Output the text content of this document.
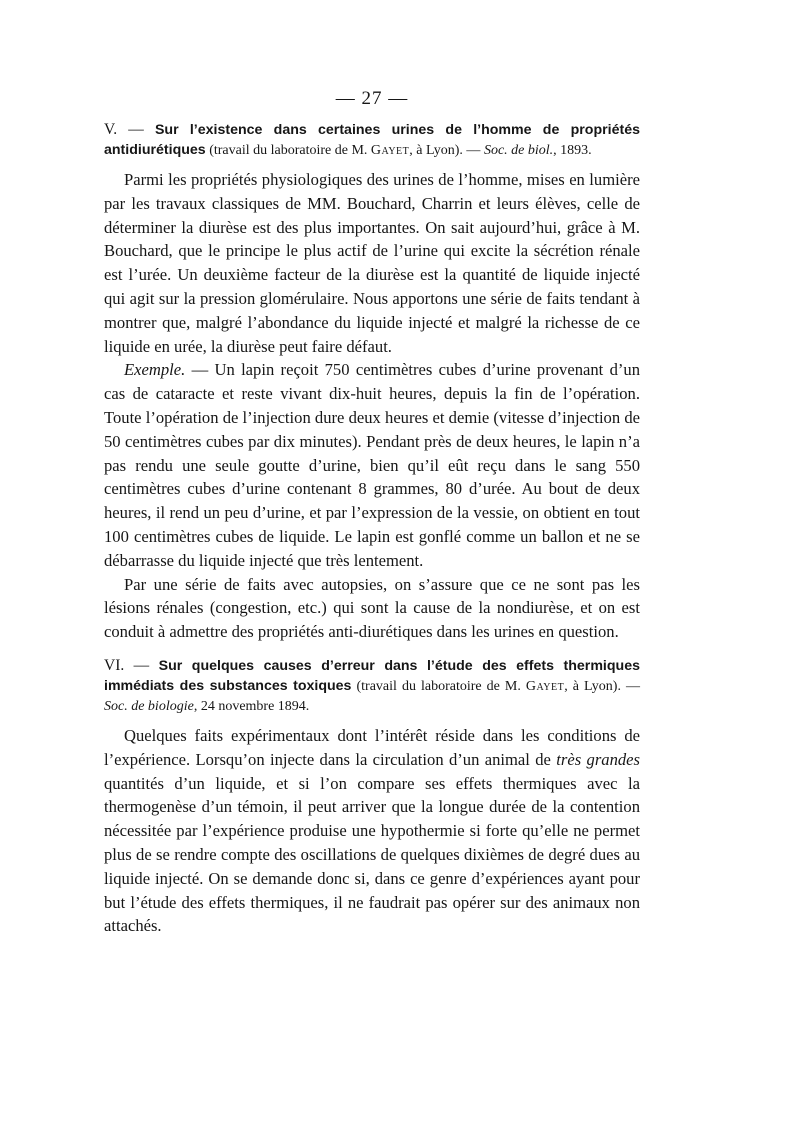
— 27 —
V. — Sur l’existence dans certaines urines de l’homme de propriétés antidiurétiques (travail du laboratoire de M. Gayet, à Lyon). — Soc. de biol., 1893.

Parmi les propriétés physiologiques des urines de l’homme, mises en lumière par les travaux classiques de MM. Bouchard, Charrin et leurs élèves, celle de déterminer la diurèse est des plus importantes. On sait aujourd’hui, grâce à M. Bouchard, que le principe le plus actif de l’urine qui excite la sécrétion rénale est l’urée. Un deuxième facteur de la diurèse est la quantité de liquide injecté qui agit sur la pression glomérulaire. Nous apportons une série de faits tendant à montrer que, malgré l’abondance du liquide injecté et malgré la richesse de ce liquide en urée, la diurèse peut faire défaut.

Exemple. — Un lapin reçoit 750 centimètres cubes d’urine provenant d’un cas de cataracte et reste vivant dix-huit heures, depuis la fin de l’opération. Toute l’opération de l’injection dure deux heures et demie (vitesse d’injection de 50 centimètres cubes par dix minutes). Pendant près de deux heures, le lapin n’a pas rendu une seule goutte d’urine, bien qu’il eût reçu dans le sang 550 centimètres cubes d’urine contenant 8 grammes, 80 d’urée. Au bout de deux heures, il rend un peu d’urine, et par l’expression de la vessie, on obtient en tout 100 centimètres cubes de liquide. Le lapin est gonflé comme un ballon et ne se débarrasse du liquide injecté que très lentement.

Par une série de faits avec autopsies, on s’assure que ce ne sont pas les lésions rénales (congestion, etc.) qui sont la cause de la nondiurèse, et on est conduit à admettre des propriétés anti-diurétiques dans les urines en question.

VI. — Sur quelques causes d’erreur dans l’étude des effets thermiques immédiats des substances toxiques (travail du laboratoire de M. Gayet, à Lyon). — Soc. de biologie, 24 novembre 1894.

Quelques faits expérimentaux dont l’intérêt réside dans les conditions de l’expérience. Lorsqu’on injecte dans la circulation d’un animal de très grandes quantités d’un liquide, et si l’on compare ses effets thermiques avec la thermogenèse d’un témoin, il peut arriver que la longue durée de la contention nécessitée par l’expérience produise une hypothermie si forte qu’elle ne permet plus de se rendre compte des oscillations de quelques dixièmes de degré dues au liquide injecté. On se demande donc si, dans ce genre d’expériences ayant pour but l’étude des effets thermiques, il ne faudrait pas opérer sur des animaux non attachés.
